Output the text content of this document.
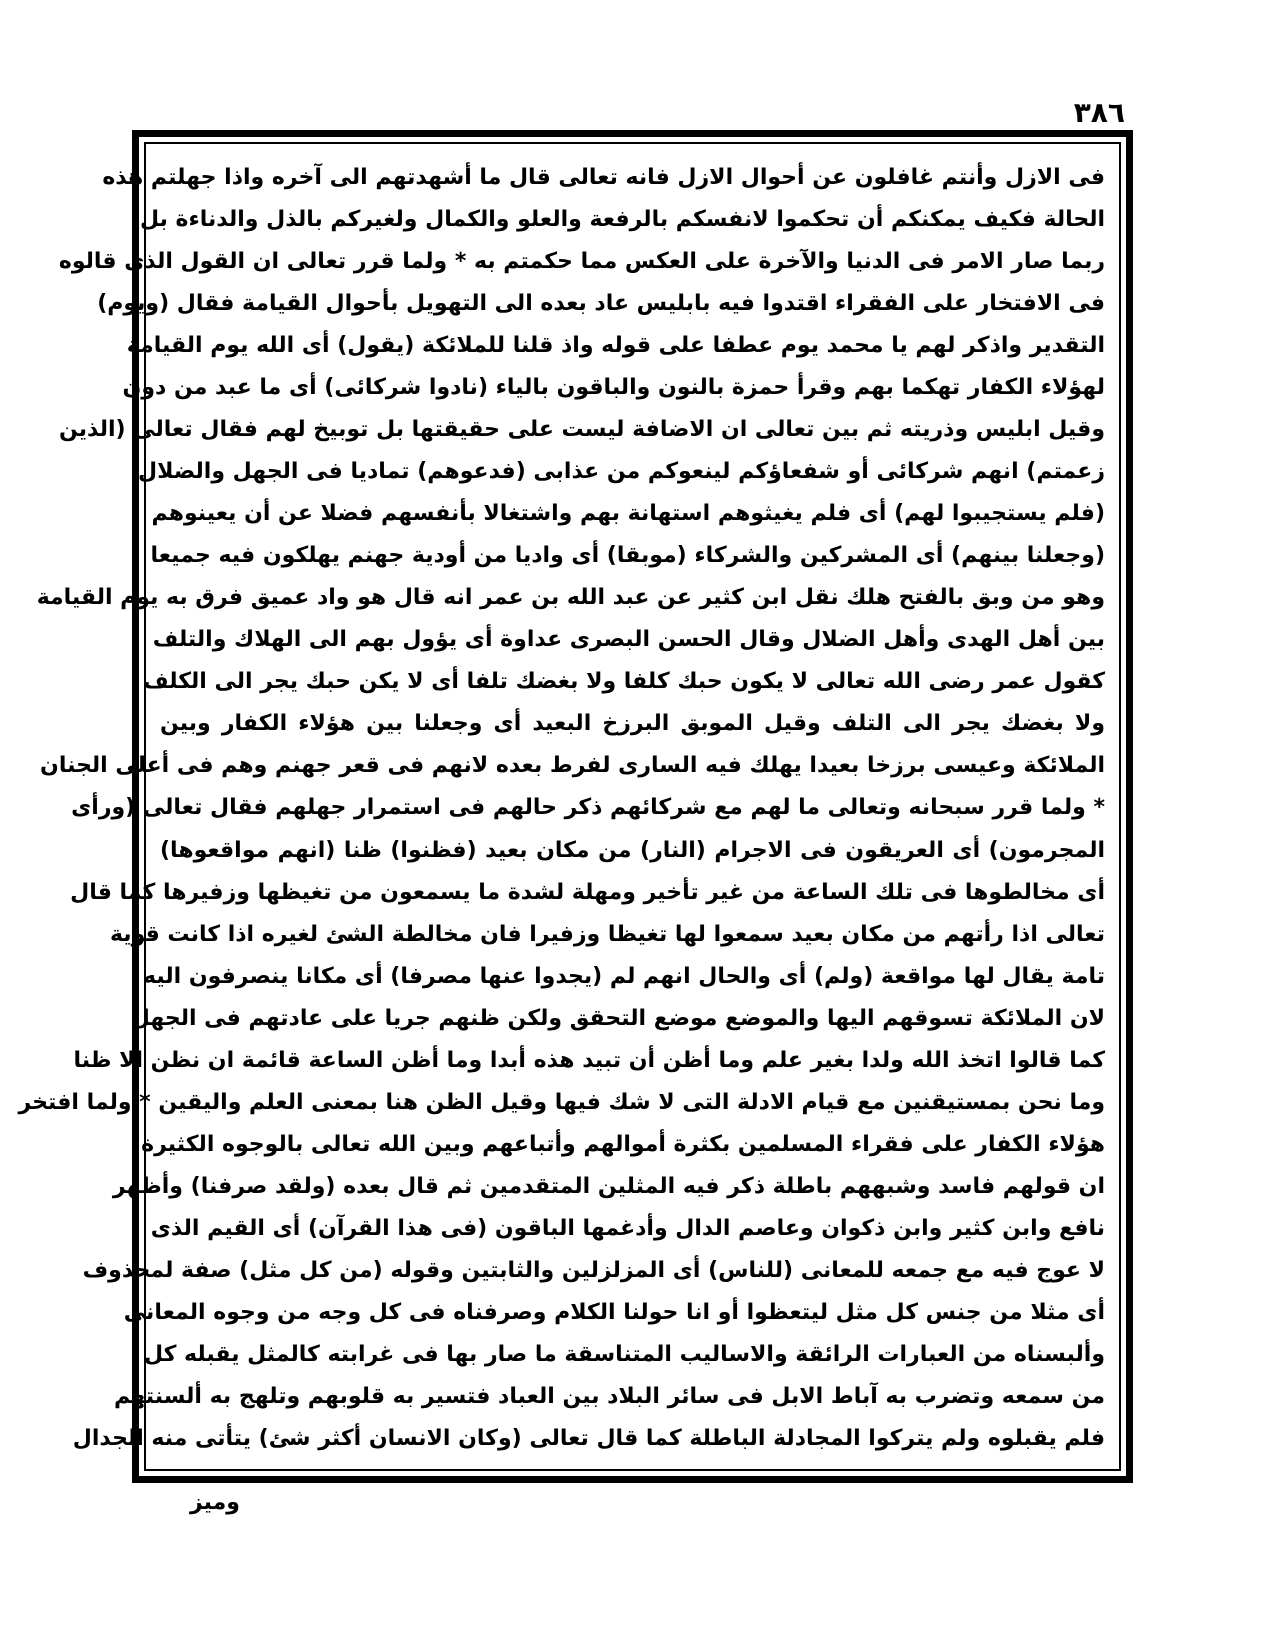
٣٨٦
فى الازل وأنتم غافلون عن أحوال الازل فانه تعالى قال ما أشهدتهم الى آخره واذا جهلتم هذه
الحالة فكيف يمكنكم أن تحكموا لانفسكم بالرفعة والعلو والكمال ولغيركم بالذل والدناءة بل
ربما صار الامر فى الدنيا والآخرة على العكس مما حكمتم به * ولما قرر تعالى ان القول الذى قالوه
فى الافتخار على الفقراء اقتدوا فيه بابليس عاد بعده الى التهويل بأحوال القيامة فقال (ويوم)
التقدير واذكر لهم يا محمد يوم عطفا على قوله واذ قلنا للملائكة (يقول) أى الله يوم القيامة
لهؤلاء الكفار تهكما بهم وقرأ حمزة بالنون والباقون بالياء (نادوا شركائى) أى ما عبد من دون
وقيل ابليس وذريته ثم بين تعالى ان الاضافة ليست على حقيقتها بل توبيخ لهم فقال تعالى (الذين
زعمتم) انهم شركائى أو شفعاؤكم لينعوكم من عذابى (فدعوهم) تماديا فى الجهل والضلال
(فلم يستجيبوا لهم) أى فلم يغيثوهم استهانة بهم واشتغالا بأنفسهم فضلا عن أن يعينوهم
(وجعلنا بينهم) أى المشركين والشركاء (موبقا) أى واديا من أودية جهنم يهلكون فيه جميعا
وهو من وبق بالفتح هلك نقل ابن كثير عن عبد الله بن عمر انه قال هو واد عميق فرق به يوم القيامة
بين أهل الهدى وأهل الضلال وقال الحسن البصرى عداوة أى يؤول بهم الى الهلاك والتلف
كقول عمر رضى الله تعالى لا يكون حبك كلفا ولا بغضك تلفا أى لا يكن حبك يجر الى الكلف
ولا بغضك يجر الى التلف وقيل الموبق البرزخ البعيد أى وجعلنا بين هؤلاء الكفار وبين
الملائكة وعيسى برزخا بعيدا يهلك فيه السارى لفرط بعده لانهم فى قعر جهنم وهم فى أعلى الجنان
* ولما قرر سبحانه وتعالى ما لهم مع شركائهم ذكر حالهم فى استمرار جهلهم فقال تعالى (ورأى
المجرمون) أى العريقون فى الاجرام (النار) من مكان بعيد (فظنوا) ظنا (انهم مواقعوها)
أى مخالطوها فى تلك الساعة من غير تأخير ومهلة لشدة ما يسمعون من تغيظها وزفيرها كما قال
تعالى اذا رأتهم من مكان بعيد سمعوا لها تغيظا وزفيرا فان مخالطة الشئ لغيره اذا كانت قوية
تامة يقال لها مواقعة (ولم) أى والحال انهم لم (يجدوا عنها مصرفا) أى مكانا ينصرفون اليه
لان الملائكة تسوقهم اليها والموضع موضع التحقق ولكن ظنهم جريا على عادتهم فى الجهل
كما قالوا اتخذ الله ولدا بغير علم وما أظن أن تبيد هذه أبدا وما أظن الساعة قائمة ان نظن الا ظنا
وما نحن بمستيقنين مع قيام الادلة التى لا شك فيها وقيل الظن هنا بمعنى العلم واليقين * ولما افتخر
هؤلاء الكفار على فقراء المسلمين بكثرة أموالهم وأتباعهم وبين الله تعالى بالوجوه الكثيرة
ان قولهم فاسد وشبههم باطلة ذكر فيه المثلين المتقدمين ثم قال بعده (ولقد صرفنا) وأظهر
نافع وابن كثير وابن ذكوان وعاصم الدال وأدغمها الباقون (فى هذا القرآن) أى القيم الذى
لا عوج فيه مع جمعه للمعانى (للناس) أى المزلزلين والثابتين وقوله (من كل مثل) صفة لمحذوف
أى مثلا من جنس كل مثل ليتعظوا أو انا حولنا الكلام وصرفناه فى كل وجه من وجوه المعانى
وألبسناه من العبارات الرائقة والاساليب المتناسقة ما صار بها فى غرابته كالمثل يقبله كل
من سمعه وتضرب به آباط الابل فى سائر البلاد بين العباد فتسير به قلوبهم وتلهج به ألسنتهم
فلم يقبلوه ولم يتركوا المجادلة الباطلة كما قال تعالى (وكان الانسان أكثر شئ) يتأتى منه الجدال
وميز
